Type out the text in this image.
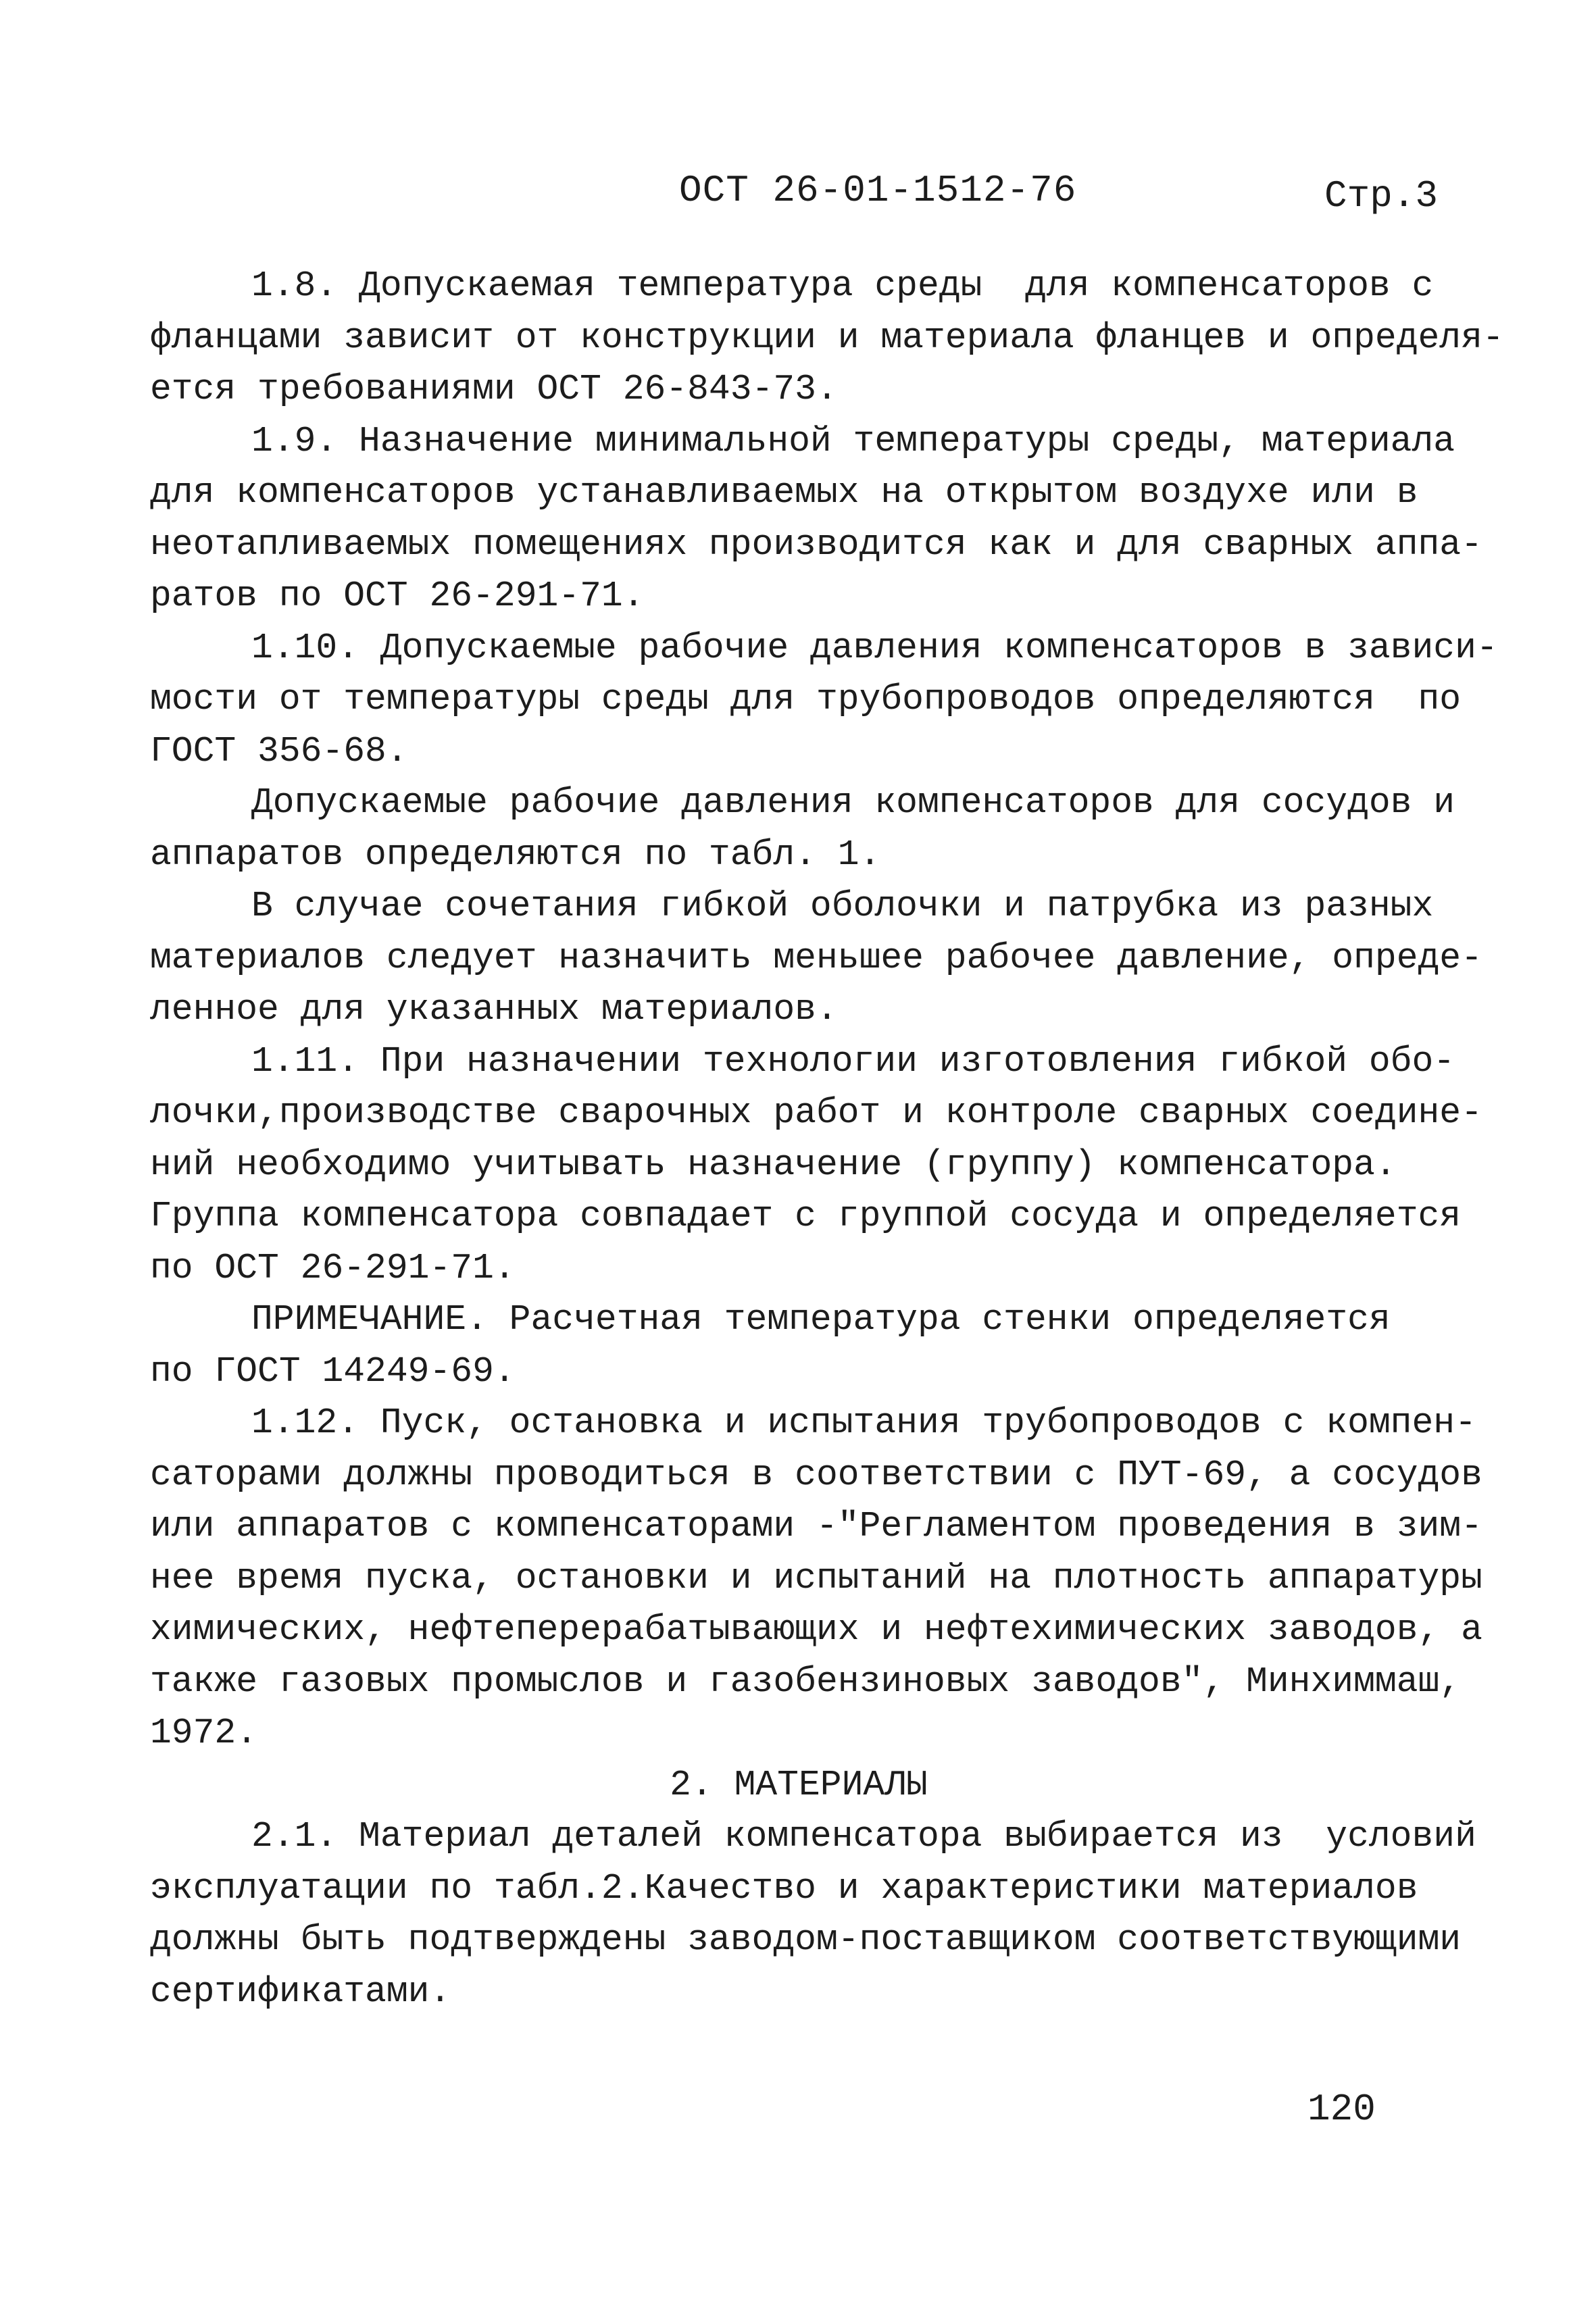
ОСТ 26-01-1512-76	Стр.3
1.8. Допускаемая температура среды  для компенсаторов с
фланцами зависит от конструкции и материала фланцев и определя-
ется требованиями ОСТ 26-843-73.
1.9. Назначение минимальной температуры среды, материала
для компенсаторов устанавливаемых на открытом воздухе или в
неотапливаемых помещениях производится как и для сварных аппа-
ратов по ОСТ 26-291-71.
1.10. Допускаемые рабочие давления компенсаторов в зависи-
мости от температуры среды для трубопроводов определяются  по
ГОСТ 356-68.
Допускаемые рабочие давления компенсаторов для сосудов и
аппаратов определяются по табл. 1.
В случае сочетания гибкой оболочки и патрубка из разных
материалов следует назначить меньшее рабочее давление, опреде-
ленное для указанных материалов.
1.11. При назначении технологии изготовления гибкой обо-
лочки,производстве сварочных работ и контроле сварных соедине-
ний необходимо учитывать назначение (группу) компенсатора.
Группа компенсатора совпадает с группой сосуда и определяется
по ОСТ 26-291-71.
ПРИМЕЧАНИЕ. Расчетная температура стенки определяется
по ГОСТ 14249-69.
1.12. Пуск, остановка и испытания трубопроводов с компен-
саторами должны проводиться в соответствии с ПУТ-69, а сосудов
или аппаратов с компенсаторами -"Регламентом проведения в зим-
нее время пуска, остановки и испытаний на плотность аппаратуры
химических, нефтеперерабатывающих и нефтехимических заводов, а
также газовых промыслов и газобензиновых заводов", Минхиммаш,
1972.
2. МАТЕРИАЛЫ
2.1. Материал деталей компенсатора выбирается из  условий
эксплуатации по табл.2.Качество и характеристики материалов
должны быть подтверждены заводом-поставщиком соответствующими
сертификатами.
120
